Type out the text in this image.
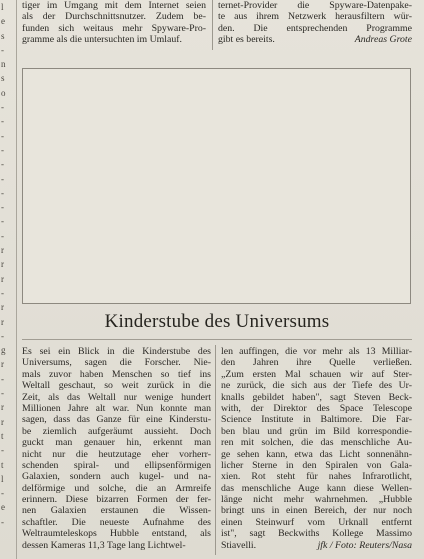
l
e
s
-
n
s
o
-
-
-
-
-
-
-
-
-
-
r
r
r
-
r
r
-
g
r
-
-
r
r
t
-
t
l
-
e
-
tiger im Umgang mit dem Internet seien
als der Durchschnittsnutzer. Zudem be-
funden sich weitaus mehr Spyware-Pro-
gramme als die untersuchten im Umlauf.
ternet-Provider die Spyware-Datenpake-
te aus ihrem Netzwerk herausfiltern wür-
den. Die entsprechenden Programme
gibt es bereits.	Andreas Grote
Kinderstube des Universums
Es sei ein Blick in die Kinderstube des
Universums, sagen die Forscher. Nie-
mals zuvor haben Menschen so tief ins
Weltall geschaut, so weit zurück in die
Zeit, als das Weltall nur wenige hundert
Millionen Jahre alt war. Nun konnte man
sagen, dass das Ganze für eine Kinderstu-
be ziemlich aufgeräumt aussieht. Doch
guckt man genauer hin, erkennt man
nicht nur die heutzutage eher vorherr-
schenden spiral- und ellipsenförmigen
Galaxien, sondern auch kugel- und na-
delförmige und solche, die an Armreife
erinnern. Diese bizarren Formen der fer-
nen Galaxien erstaunen die Wissen-
schaftler. Die neueste Aufnahme des
Weltraumteleskops Hubble entstand, als
dessen Kameras 11,3 Tage lang Lichtwel-
len auffingen, die vor mehr als 13 Milliar-
den Jahren ihre Quelle verließen.
„Zum ersten Mal schauen wir auf Ster-
ne zurück, die sich aus der Tiefe des Ur-
knalls gebildet haben", sagt Steven Beck-
with, der Direktor des Space Telescope
Science Institute in Baltimore. Die Far-
ben blau und grün im Bild korrespondie-
ren mit solchen, die das menschliche Au-
ge sehen kann, etwa das Licht sonnenähn-
licher Sterne in den Spiralen von Gala-
xien. Rot steht für nahes Infrarotlicht,
das menschliche Auge kann diese Wellen-
länge nicht mehr wahrnehmen. „Hubble
bringt uns in einen Bereich, der nur noch
einen Steinwurf vom Urknall entfernt
ist", sagt Beckwiths Kollege Massimo
Stiavelli.	jfk / Foto: Reuters/Nasa
